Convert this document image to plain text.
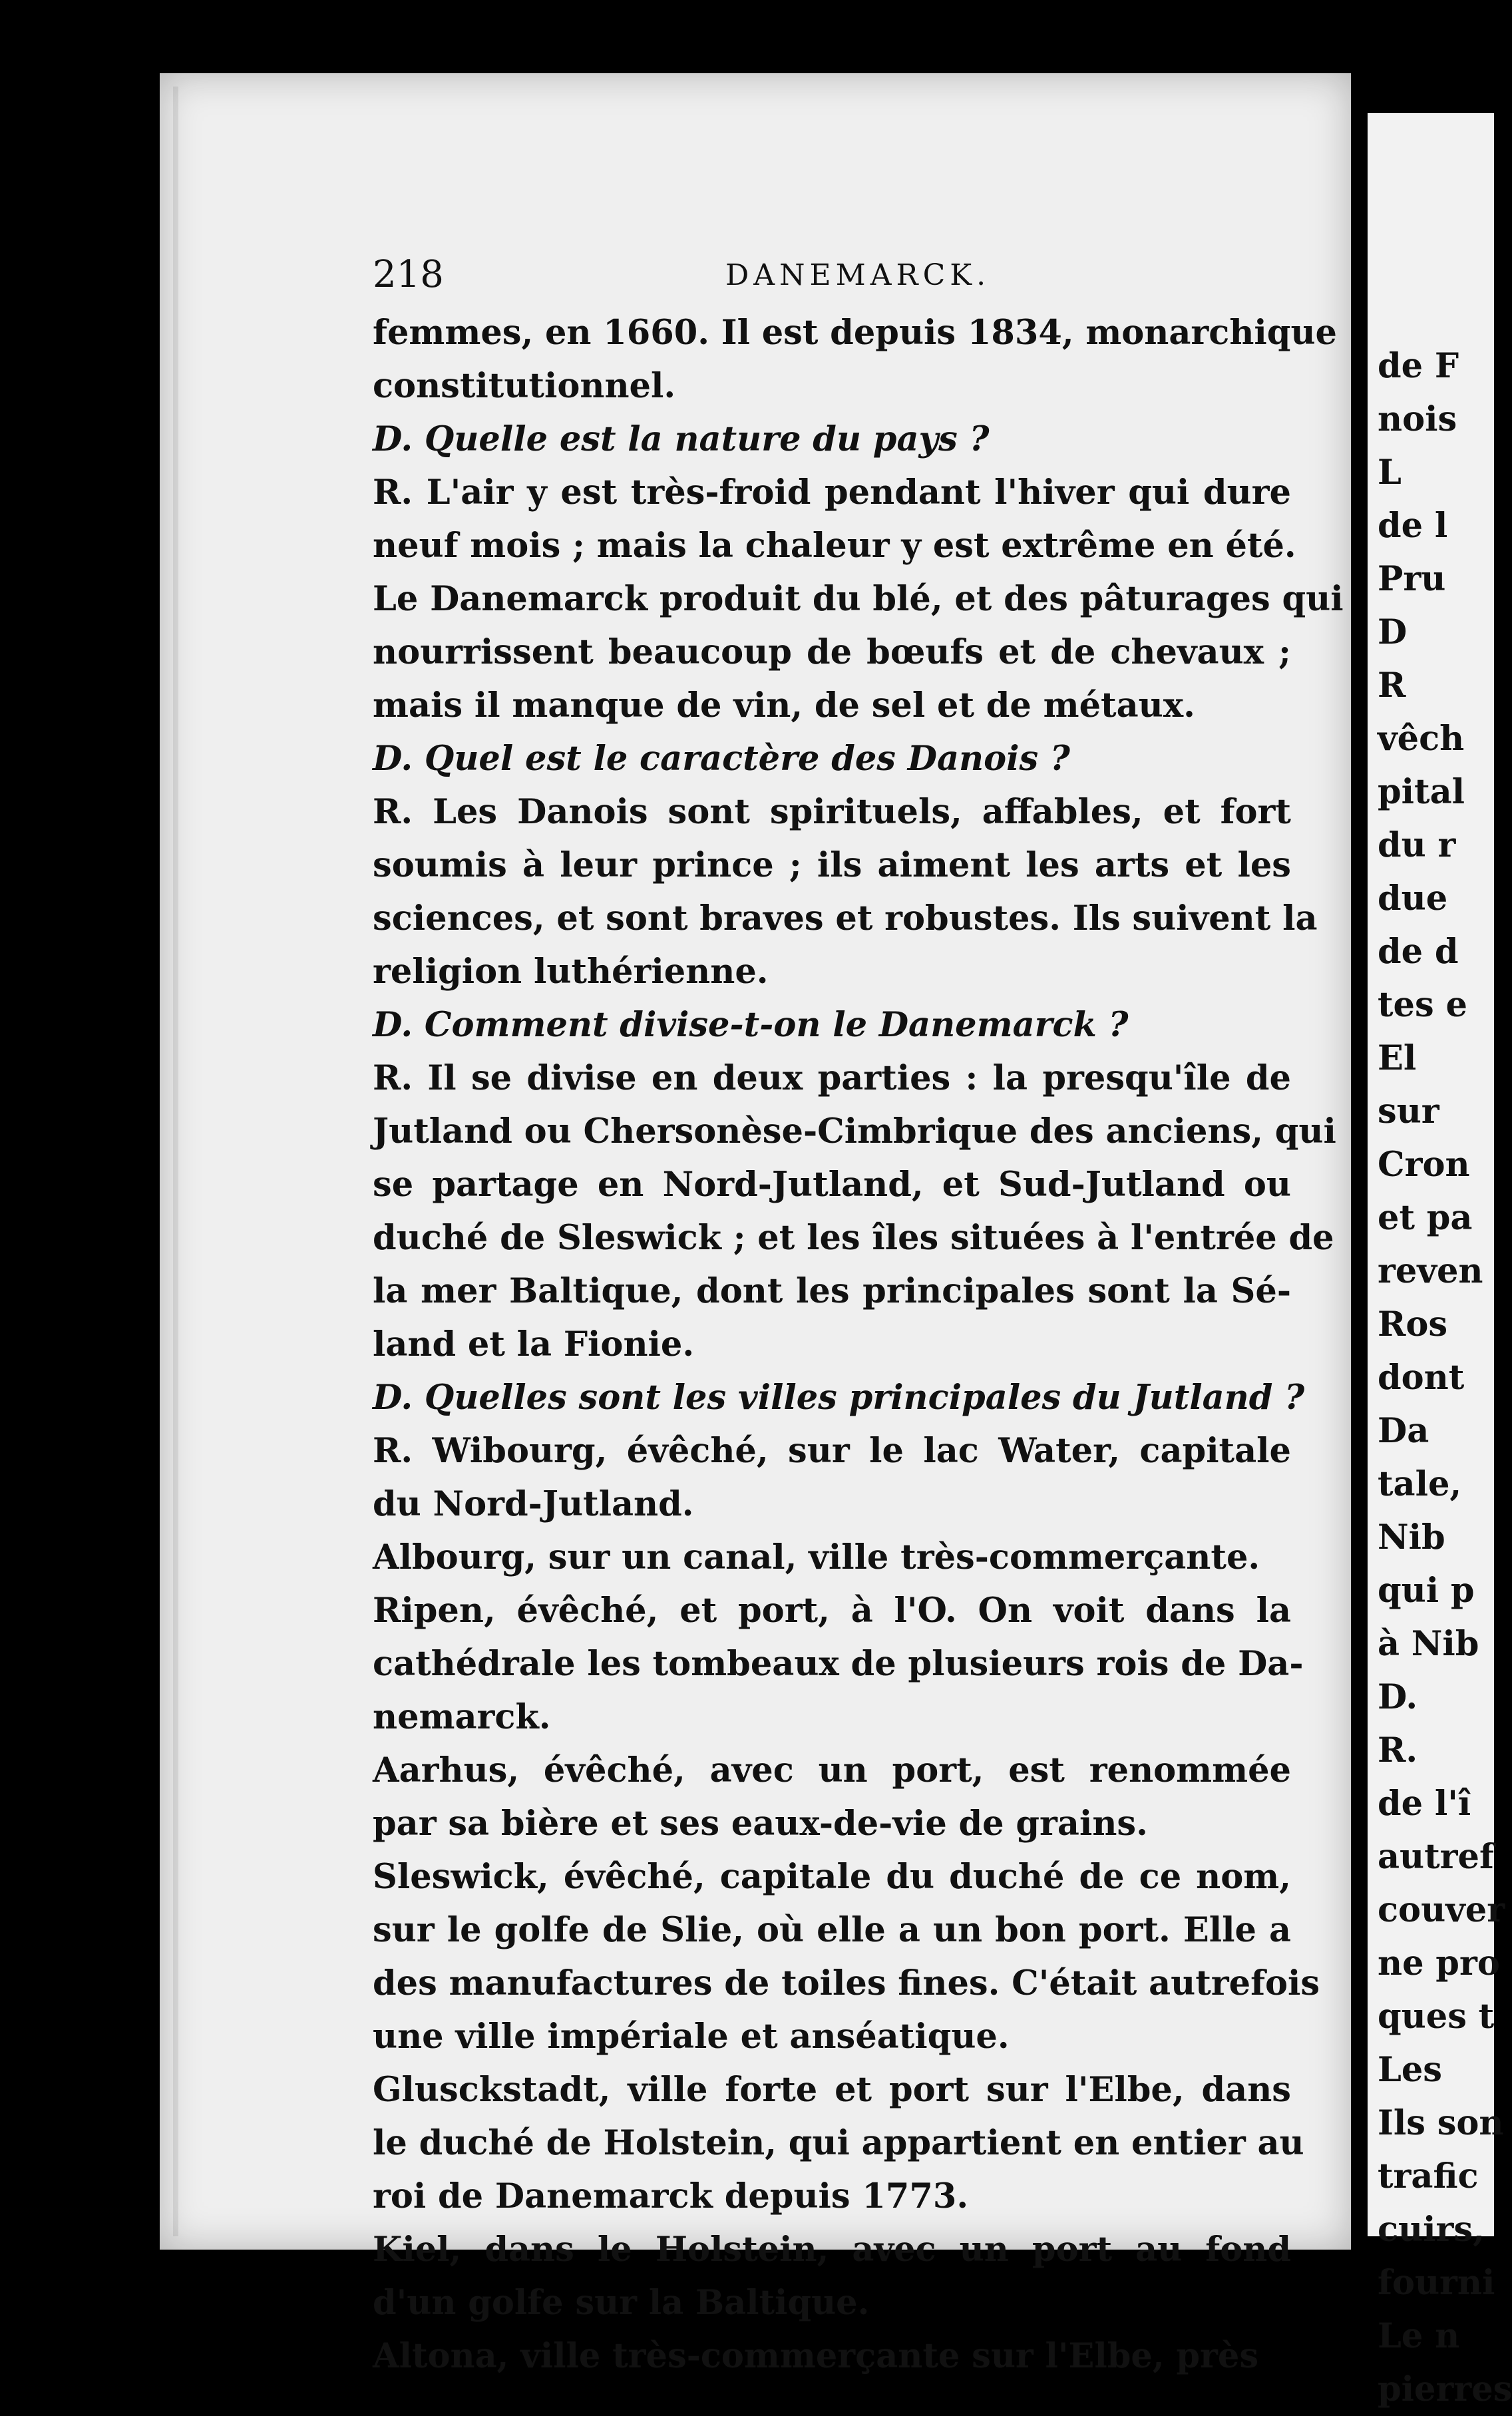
de F
nois
L
de l
Pru
D
R
vêch
pital
du r
due
de d
tes e
El
sur
Cron
et pa
reven
Ros
dont
Da
tale,
Nib
qui p
à Nib
D.
R.
de l'î
autref
couver
ne pro
ques t
Les
Ils son
trafic
cuirs,
fourni
Le n
pierres
218	DANEMARCK.
femmes, en 1660. Il est depuis 1834, monarchique
constitutionnel.
D. Quelle est la nature du pays ?
R. L'air y est très-froid pendant l'hiver qui dure
neuf mois ; mais la chaleur y est extrême en été.
Le Danemarck produit du blé, et des pâturages qui
nourrissent beaucoup de bœufs et de chevaux ;
mais il manque de vin, de sel et de métaux.
D. Quel est le caractère des Danois ?
R. Les Danois sont spirituels, affables, et fort
soumis à leur prince ; ils aiment les arts et les
sciences, et sont braves et robustes. Ils suivent la
religion luthérienne.
D. Comment divise-t-on le Danemarck ?
R. Il se divise en deux parties : la presqu'île de
Jutland ou Chersonèse-Cimbrique des anciens, qui
se partage en Nord-Jutland, et Sud-Jutland ou
duché de Sleswick ; et les îles situées à l'entrée de
la mer Baltique, dont les principales sont la Sé-
land et la Fionie.
D. Quelles sont les villes principales du Jutland ?
R. Wibourg, évêché, sur le lac Water, capitale
du Nord-Jutland.
Albourg, sur un canal, ville très-commerçante.
Ripen, évêché, et port, à l'O. On voit dans la
cathédrale les tombeaux de plusieurs rois de Da-
nemarck.
Aarhus, évêché, avec un port, est renommée
par sa bière et ses eaux-de-vie de grains.
Sleswick, évêché, capitale du duché de ce nom,
sur le golfe de Slie, où elle a un bon port. Elle a
des manufactures de toiles fines. C'était autrefois
une ville impériale et anséatique.
Glusckstadt, ville forte et port sur l'Elbe, dans
le duché de Holstein, qui appartient en entier au
roi de Danemarck depuis 1773.
Kiel, dans le Holstein, avec un port au fond
d'un golfe sur la Baltique.
Altona, ville très-commerçante sur l'Elbe, près
